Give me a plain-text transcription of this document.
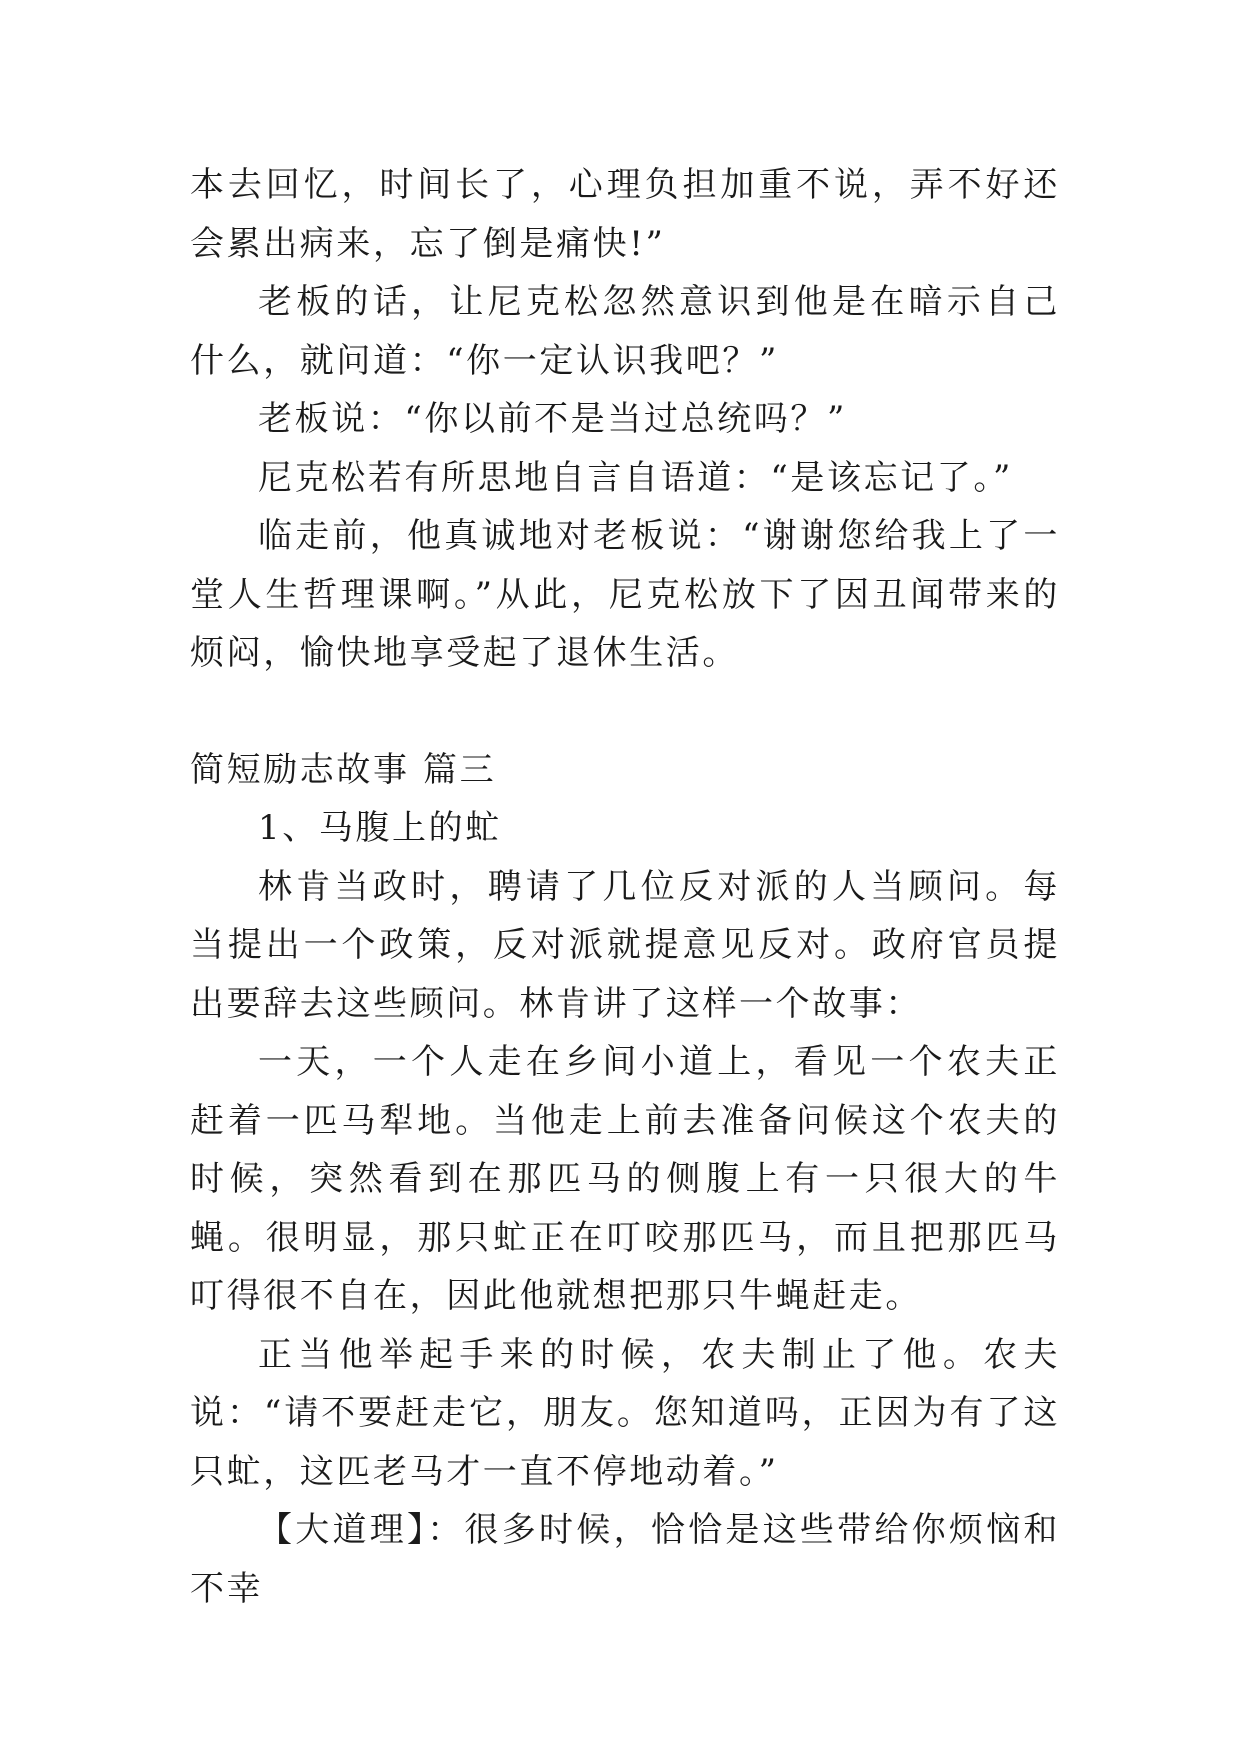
本去回忆，时间长了，心理负担加重不说，弄不好还会累出病来，忘了倒是痛快!”

老板的话，让尼克松忽然意识到他是在暗示自己什么，就问道：“你一定认识我吧？”

老板说：“你以前不是当过总统吗？”

尼克松若有所思地自言自语道：“是该忘记了。”

临走前，他真诚地对老板说：“谢谢您给我上了一堂人生哲理课啊。”从此，尼克松放下了因丑闻带来的烦闷，愉快地享受起了退休生活。

简短励志故事 篇三

1、马腹上的虻

林肯当政时，聘请了几位反对派的人当顾问。每当提出一个政策，反对派就提意见反对。政府官员提出要辞去这些顾问。林肯讲了这样一个故事：

一天，一个人走在乡间小道上，看见一个农夫正赶着一匹马犁地。当他走上前去准备问候这个农夫的时候，突然看到在那匹马的侧腹上有一只很大的牛蝇。很明显，那只虻正在叮咬那匹马，而且把那匹马叮得很不自在，因此他就想把那只牛蝇赶走。

正当他举起手来的时候，农夫制止了他。农夫说：“请不要赶走它，朋友。您知道吗，正因为有了这只虻，这匹老马才一直不停地动着。”

【大道理】：很多时候，恰恰是这些带给你烦恼和不幸
